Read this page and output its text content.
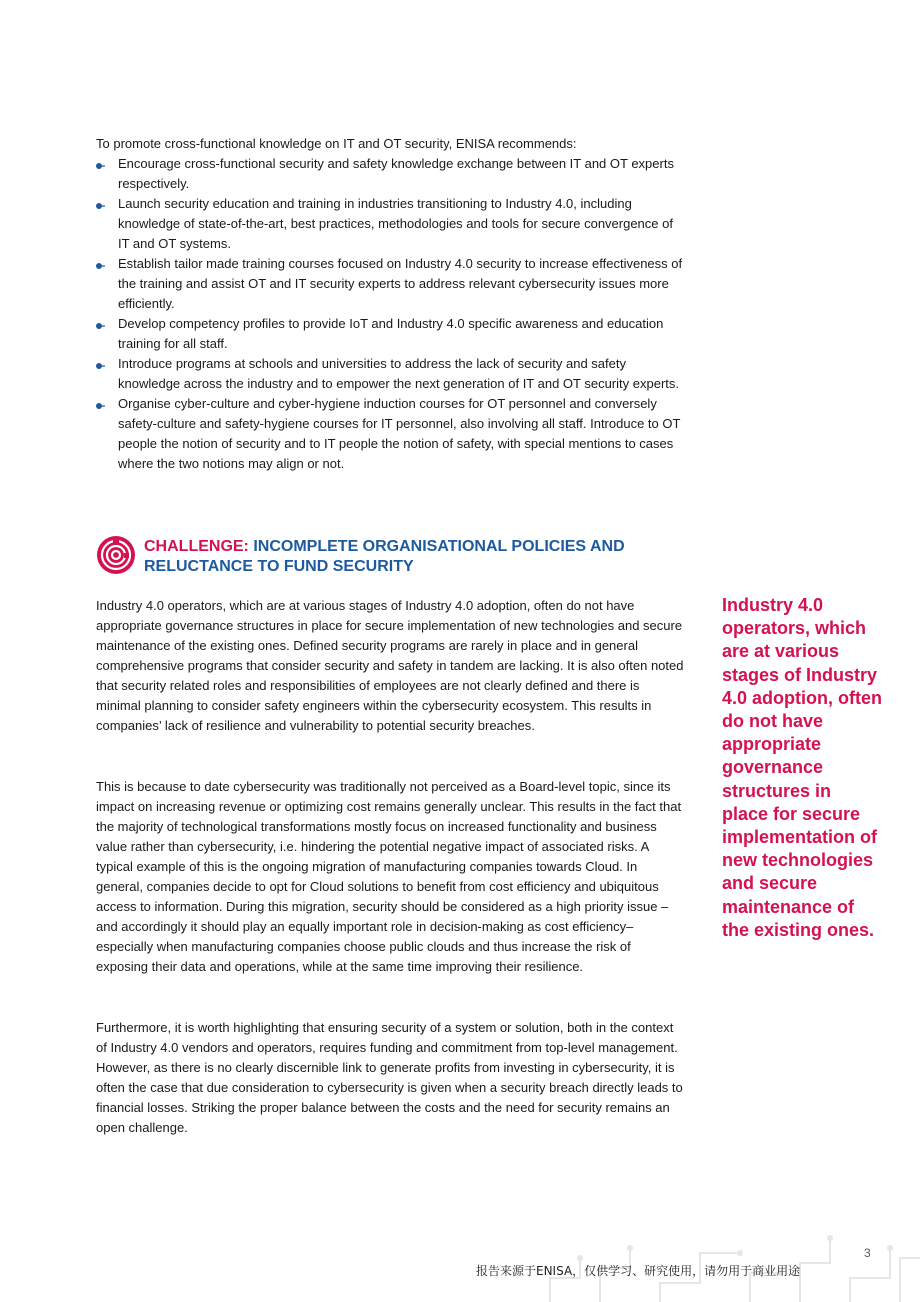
To promote cross-functional knowledge on IT and OT security, ENISA recommends:
Encourage cross-functional security and safety knowledge exchange between IT and OT experts respectively.
Launch security education and training in industries transitioning to Industry 4.0, including knowledge of state-of-the-art, best practices, methodologies and tools for secure convergence of IT and OT systems.
Establish tailor made training courses focused on Industry 4.0 security to increase effectiveness of the training and assist OT and IT security experts to address relevant cybersecurity issues more efficiently.
Develop competency profiles to provide IoT and Industry 4.0 specific awareness and education training for all staff.
Introduce programs at schools and universities to address the lack of security and safety knowledge across the industry and to empower the next generation of IT and OT security experts.
Organise cyber-culture and cyber-hygiene induction courses for OT personnel and conversely safety-culture and safety-hygiene courses for IT personnel, also involving all staff. Introduce to OT people the notion of security and to IT people the notion of safety, with special mentions to cases where the two notions may align or not.
CHALLENGE: INCOMPLETE ORGANISATIONAL POLICIES AND RELUCTANCE TO FUND SECURITY
Industry 4.0 operators, which are at various stages of Industry 4.0 adoption, often do not have appropriate governance structures in place for secure implementation of new technologies and secure maintenance of the existing ones. Defined security programs are rarely in place and in general comprehensive programs that consider security and safety in tandem are lacking. It is also often noted that security related roles and responsibilities of employees are not clearly defined and there is minimal planning to consider safety engineers within the cybersecurity ecosystem. This results in companies’ lack of resilience and vulnerability to potential security breaches.
This is because to date cybersecurity was traditionally not perceived as a Board-level topic, since its impact on increasing revenue or optimizing cost remains generally unclear. This results in the fact that the majority of technological transformations mostly focus on increased functionality and business value rather than cybersecurity, i.e. hindering the potential negative impact of associated risks. A typical example of this is the ongoing migration of manufacturing companies towards Cloud. In general, companies decide to opt for Cloud solutions to benefit from cost efficiency and ubiquitous access to information. During this migration, security should be considered as a high priority issue –and accordingly it should play an equally important role in decision-making as cost efficiency– especially when manufacturing companies choose public clouds and thus increase the risk of exposing their data and operations, while at the same time improving their resilience.
Furthermore, it is worth highlighting that ensuring security of a system or solution, both in the context of Industry 4.0 vendors and operators, requires funding and commitment from top-level management. However, as there is no clearly discernible link to generate profits from investing in cybersecurity, it is often the case that due consideration to cybersecurity is given when a security breach directly leads to financial losses. Striking the proper balance between the costs and the need for security remains an open challenge.
Industry 4.0 operators, which are at various stages of Industry 4.0 adoption, often do not have appropriate governance structures in place for secure implementation of new technologies and secure maintenance of the existing ones.
3
报告来源于ENISA，仅供学习、研究使用，请勿用于商业用途
